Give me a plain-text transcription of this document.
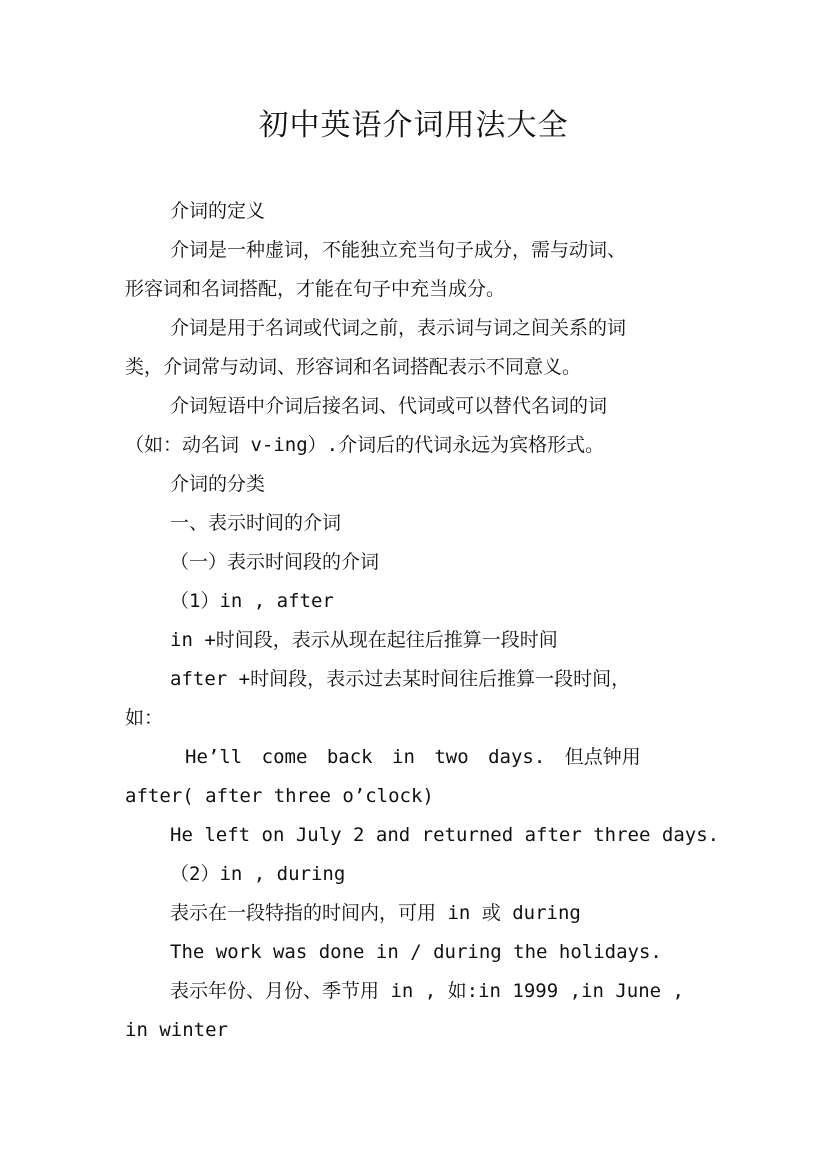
初中英语介词用法大全
介词的定义
介词是一种虚词，不能独立充当句子成分，需与动词、
形容词和名词搭配，才能在句子中充当成分。
介词是用于名词或代词之前，表示词与词之间关系的词
类，介词常与动词、形容词和名词搭配表示不同意义。
介词短语中介词后接名词、代词或可以替代名词的词
（如：动名词 v-ing）.介词后的代词永远为宾格形式。
介词的分类
一、表示时间的介词
（一）表示时间段的介词
（1）in , after
in +时间段，表示从现在起往后推算一段时间
after +时间段，表示过去某时间往后推算一段时间，
如：
He’ll come back in two days. 但点钟用
after( after three o’clock)
He left on July 2 and returned after three days.
（2）in , during
表示在一段特指的时间内，可用 in 或 during
The work was done in / during the holidays.
表示年份、月份、季节用 in , 如:in 1999 ,in June ,
in winter
